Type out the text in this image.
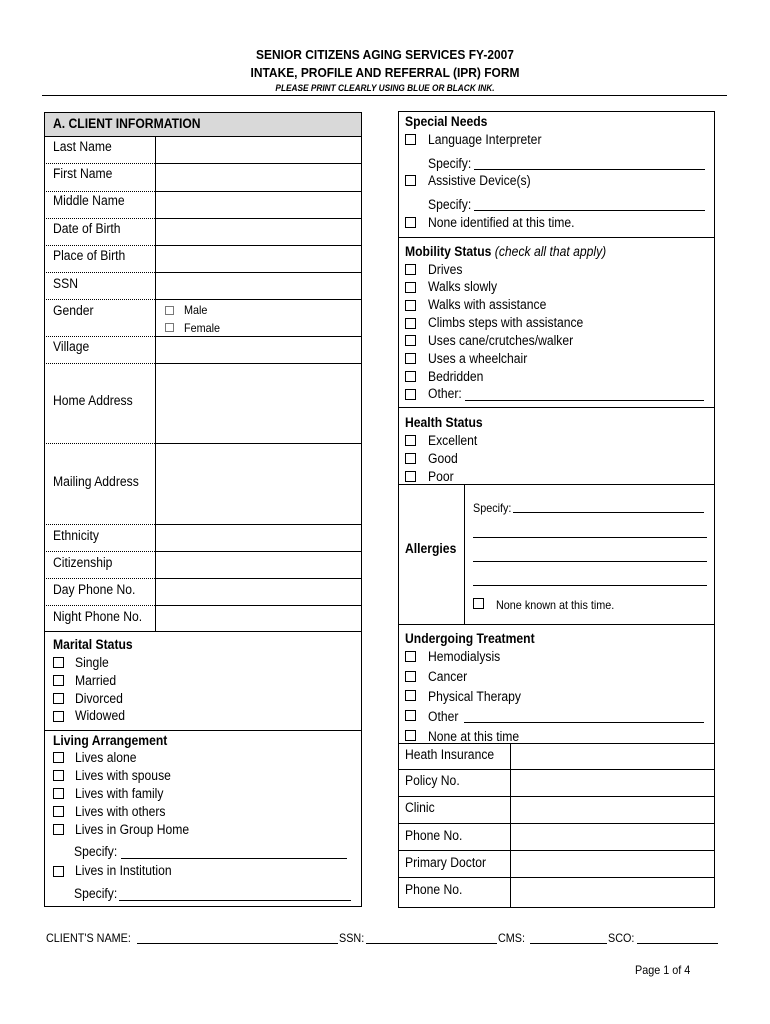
SENIOR CITIZENS AGING SERVICES FY-2007
INTAKE, PROFILE AND REFERRAL (IPR) FORM
PLEASE PRINT CLEARLY USING BLUE OR BLACK INK.
A. CLIENT INFORMATION
Last Name
First Name
Middle Name
Date of Birth
Place of Birth
SSN
Gender	Male
Female
Village
Home Address
Mailing Address
Ethnicity
Citizenship
Day Phone No.
Night Phone No.
Marital Status
Single
Married
Divorced
Widowed
Living Arrangement
Lives alone
Lives with spouse
Lives with family
Lives with others
Lives in Group Home
Specify:
Lives in Institution
Specify:
Special Needs
Language Interpreter
Specify:
Assistive Device(s)
Specify:
None identified at this time.
Mobility Status (check all that apply)
Drives
Walks slowly
Walks with assistance
Climbs steps with assistance
Uses cane/crutches/walker
Uses a wheelchair
Bedridden
Other:
Health Status
Excellent
Good
Poor
Allergies
Specify:
None known at this time.
Undergoing Treatment
Hemodialysis
Cancer
Physical Therapy
Other
None at this time
Heath Insurance
Policy No.
Clinic
Phone No.
Primary Doctor
Phone No.
CLIENT'S NAME:	SSN:	CMS:	SCO:
Page 1 of 4
